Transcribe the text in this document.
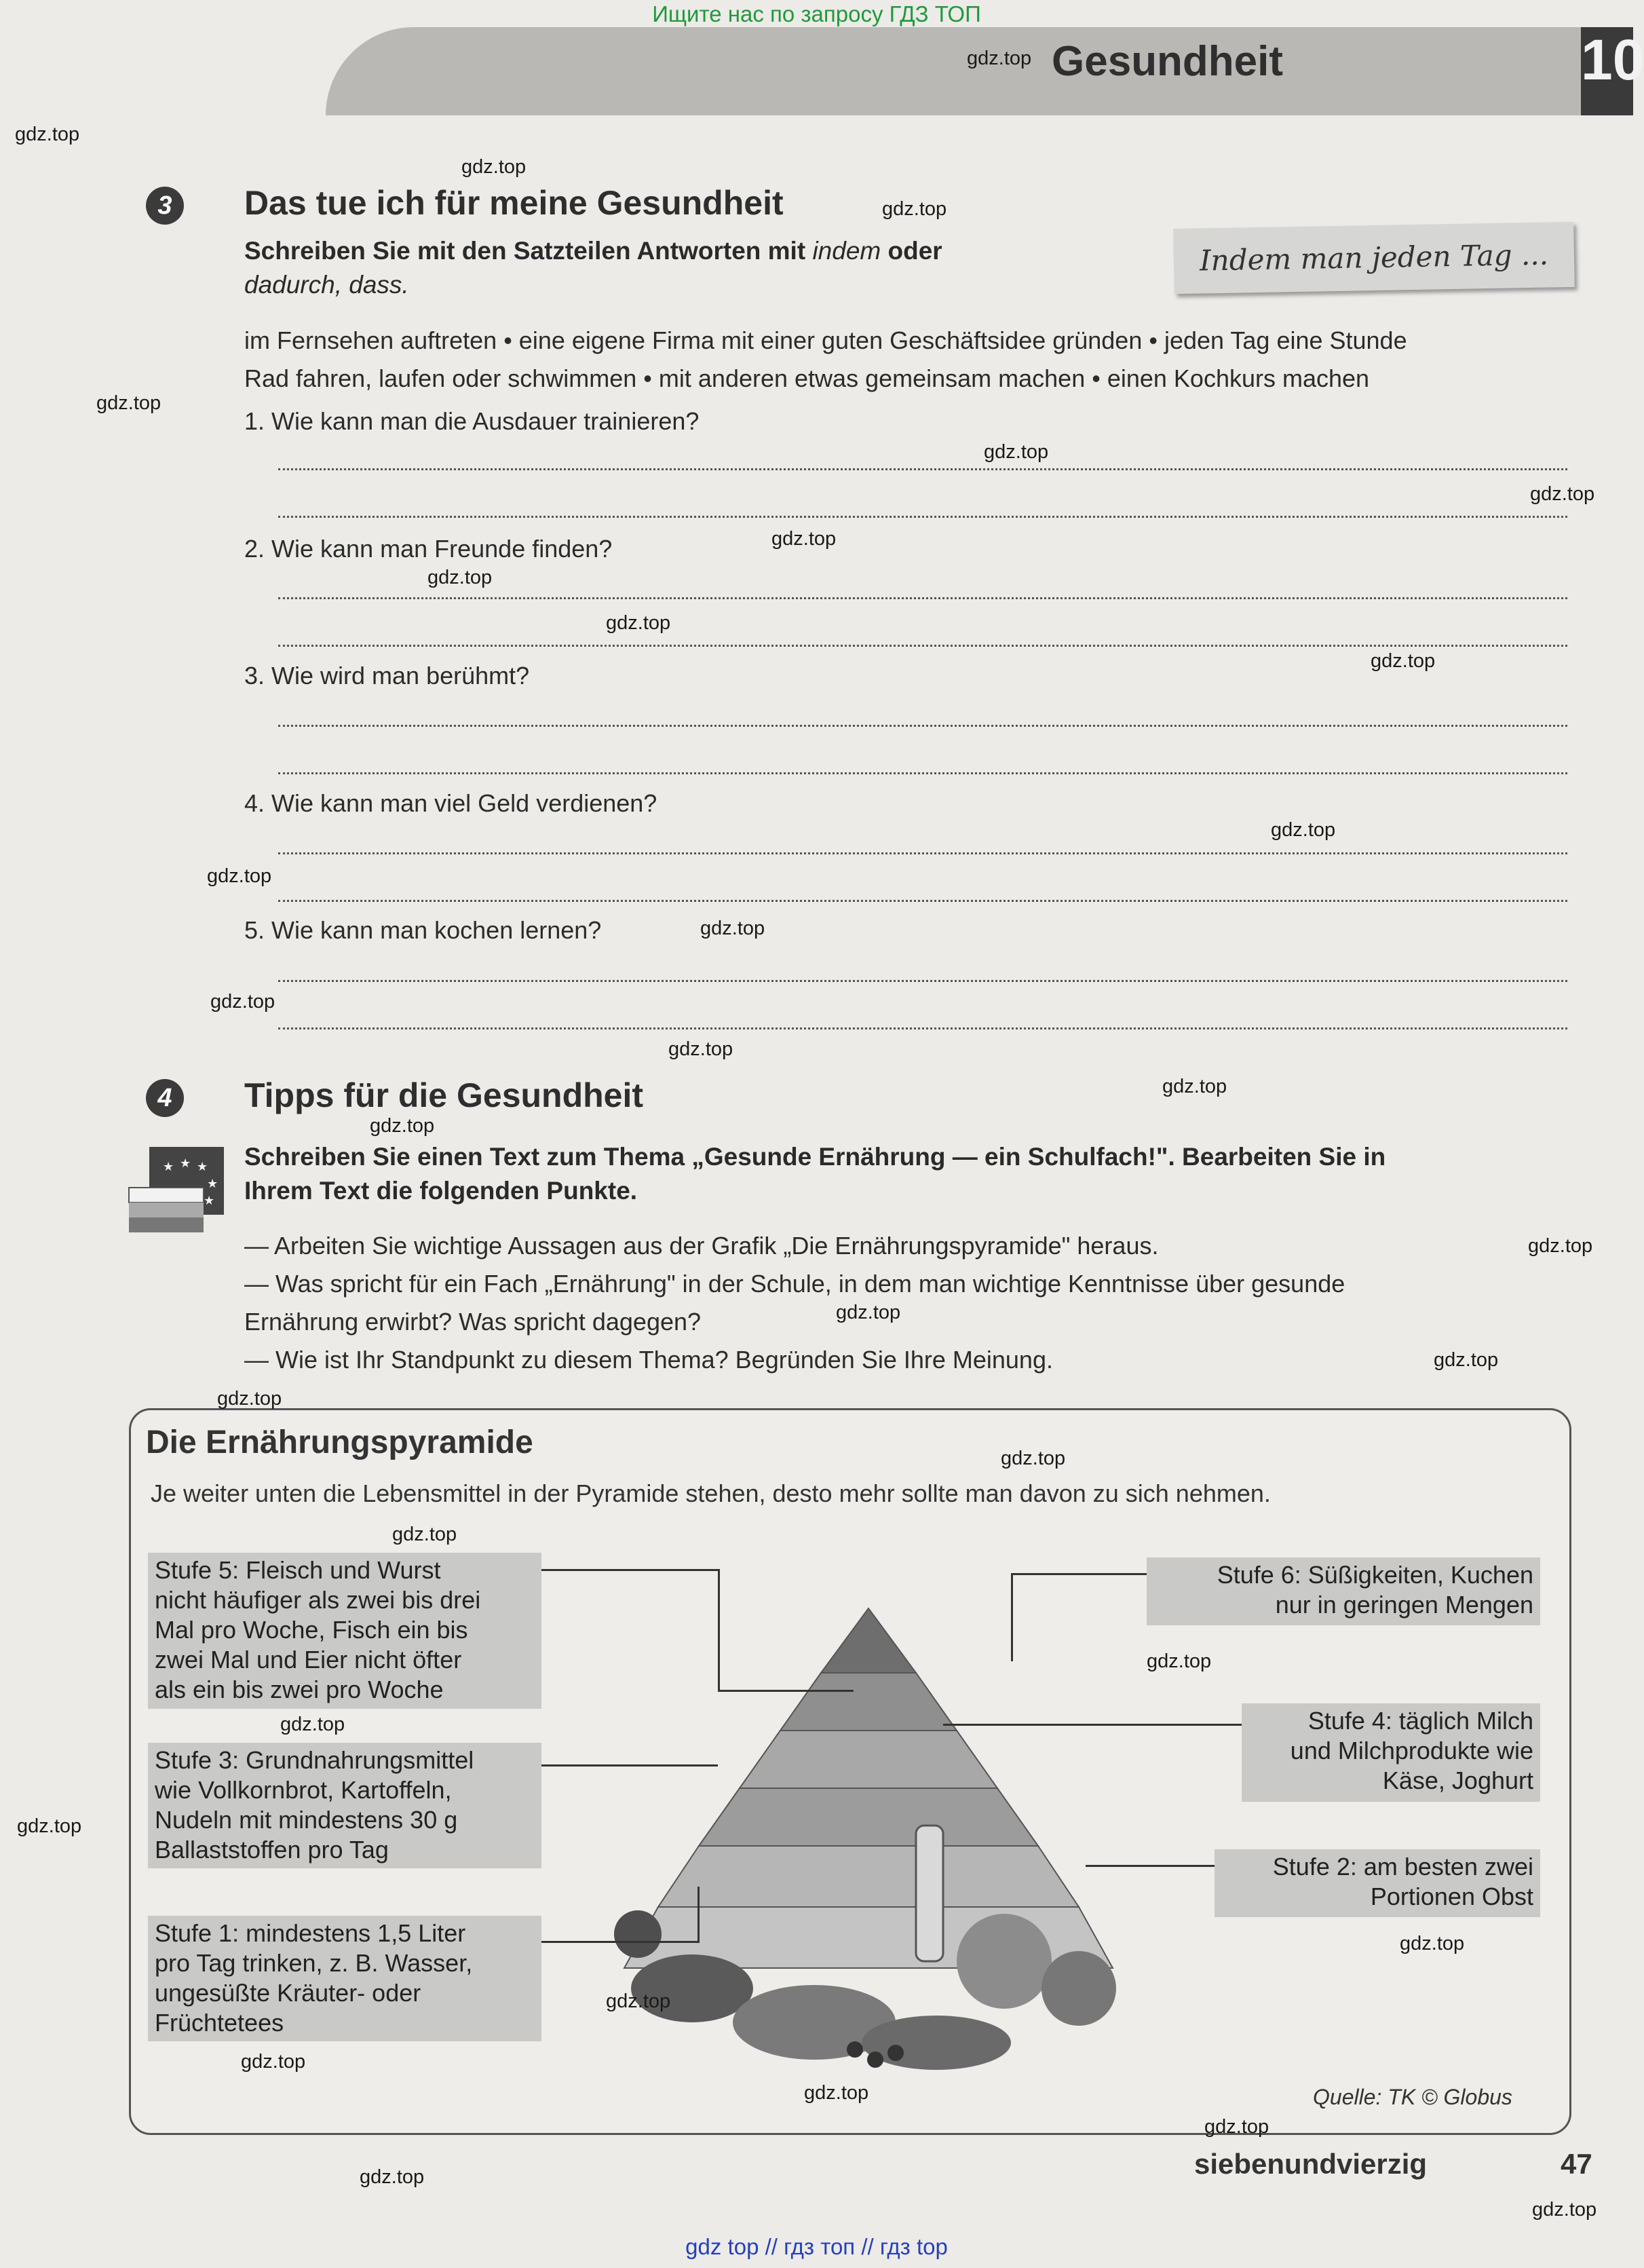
Ищите нас по запросу ГДЗ ТОП
gdz top // гдз топ // гдз top
Gesundheit	10
3	Das tue ich für meine Gesundheit
Schreiben Sie mit den Satzteilen Antworten mit indem oder
dadurch, dass.
Indem man jeden Tag ...
im Fernsehen auftreten • eine eigene Firma mit einer guten Geschäftsidee gründen • jeden Tag eine Stunde
Rad fahren, laufen oder schwimmen • mit anderen etwas gemeinsam machen • einen Kochkurs machen
1. Wie kann man die Ausdauer trainieren?
2. Wie kann man Freunde finden?
3. Wie wird man berühmt?
4. Wie kann man viel Geld verdienen?
5. Wie kann man kochen lernen?
4	Tipps für die Gesundheit
★ ★ ★
★
★
Schreiben Sie einen Text zum Thema „Gesunde Ernährung — ein Schulfach!". Bearbeiten Sie in
Ihrem Text die folgenden Punkte.
— Arbeiten Sie wichtige Aussagen aus der Grafik „Die Ernährungspyramide" heraus.
— Was spricht für ein Fach „Ernährung" in der Schule, in dem man wichtige Kenntnisse über gesunde
Ernährung erwirbt? Was spricht dagegen?
— Wie ist Ihr Standpunkt zu diesem Thema? Begründen Sie Ihre Meinung.
Die Ernährungspyramide
Je weiter unten die Lebensmittel in der Pyramide stehen, desto mehr sollte man davon zu sich nehmen.
Stufe 5: Fleisch und Wurst
nicht häufiger als zwei bis drei
Mal pro Woche, Fisch ein bis
zwei Mal und Eier nicht öfter
als ein bis zwei pro Woche
Stufe 3: Grundnahrungsmittel
wie Vollkornbrot, Kartoffeln,
Nudeln mit mindestens 30 g
Ballaststoffen pro Tag
Stufe 1: mindestens 1,5 Liter
pro Tag trinken, z. B. Wasser,
ungesüßte Kräuter- oder
Früchtetees
Stufe 6: Süßigkeiten, Kuchen
nur in geringen Mengen
Stufe 4: täglich Milch
und Milchprodukte wie
Käse, Joghurt
Stufe 2: am besten zwei
Portionen Obst
Quelle: TK © Globus
siebenundvierzig	47
gdz.top
gdz.top
gdz.top
gdz.top
gdz.top
gdz.top
gdz.top
gdz.top
gdz.top
gdz.top
gdz.top
gdz.top
gdz.top
gdz.top
gdz.top
gdz.top
gdz.top
gdz.top
gdz.top
gdz.top
gdz.top
gdz.top
gdz.top
gdz.top
gdz.top
gdz.top
gdz.top
gdz.top
gdz.top
gdz.top
gdz.top
gdz.top
gdz.top
gdz.top
